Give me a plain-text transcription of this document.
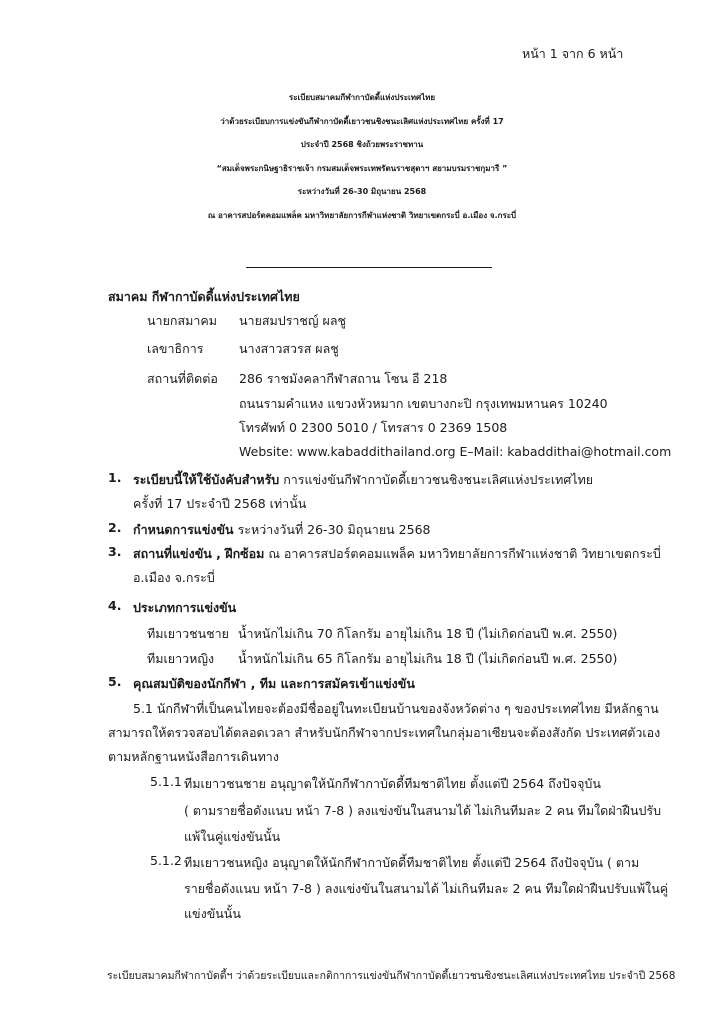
หน้า 1 จาก 6 หน้า
ระเบียบสมาคมกีฬากาบัดดี้แห่งประเทศไทย
ว่าด้วยระเบียบการแข่งขันกีฬากาบัดดี้เยาวชนชิงชนะเลิศแห่งประเทศไทย ครั้งที่ 17
ประจำปี 2568 ชิงถ้วยพระราชทาน
“สมเด็จพระกนิษฐาธิราชเจ้า กรมสมเด็จพระเทพรัตนราชสุดาฯ สยามบรมราชกุมารี ”
ระหว่างวันที่ 26-30 มิถุนายน 2568
ณ อาคารสปอร์ตคอมแพล็ค มหาวิทยาลัยการกีฬาแห่งชาติ วิทยาเขตกระบี่ อ.เมือง จ.กระบี่
สมาคม กีฬากาบัดดี้แห่งประเทศไทย
นายกสมาคม นายสมปราชญ์ ผลชู
เลขาธิการ	นางสาวสวรส ผลชู
สถานที่ติดต่อ 286 ราชมังคลากีฬาสถาน โซน อี 218
ถนนรามคำแหง แขวงหัวหมาก เขตบางกะปิ กรุงเทพมหานคร 10240
โทรศัพท์ 0 2300 5010 / โทรสาร 0 2369 1508
Website: www.kabaddithailand.org E–Mail: kabaddithai@hotmail.com
1. ระเบียบนี้ให้ใช้บังคับสำหรับ การแข่งขันกีฬากาบัดดี้เยาวชนชิงชนะเลิศแห่งประเทศไทย
ครั้งที่ 17 ประจำปี 2568 เท่านั้น
2. กำหนดการแข่งขัน ระหว่างวันที่ 26-30 มิถุนายน 2568
3. สถานที่แข่งขัน , ฝึกซ้อม ณ อาคารสปอร์ตคอมแพล็ค มหาวิทยาลัยการกีฬาแห่งชาติ วิทยาเขตกระบี่
อ.เมือง จ.กระบี่
4. ประเภทการแข่งขัน
ทีมเยาวชนชาย น้ำหนักไม่เกิน 70 กิโลกรัม อายุไม่เกิน 18 ปี (ไม่เกิดก่อนปี พ.ศ. 2550)
ทีมเยาวหญิง น้ำหนักไม่เกิน 65 กิโลกรัม อายุไม่เกิน 18 ปี (ไม่เกิดก่อนปี พ.ศ. 2550)
5. คุณสมบัติของนักกีฬา , ทีม และการสมัครเข้าแข่งขัน
5.1 นักกีฬาที่เป็นคนไทยจะต้องมีชื่ออยู่ในทะเบียนบ้านของจังหวัดต่าง ๆ ของประเทศไทย มีหลักฐาน
สามารถให้ตรวจสอบได้ตลอดเวลา สำหรับนักกีฬาจากประเทศในกลุ่มอาเซียนจะต้องสังกัด ประเทศตัวเอง
ตามหลักฐานหนังสือการเดินทาง
5.1.1 ทีมเยาวชนชาย อนุญาตให้นักกีฬากาบัดดี้ทีมชาติไทย ตั้งแต่ปี 2564 ถึงปัจจุบัน
( ตามรายชื่อดังแนบ หน้า 7-8 ) ลงแข่งขันในสนามได้ ไม่เกินทีมละ 2 คน ทีมใดฝ่าฝืนปรับ
แพ้ในคู่แข่งขันนั้น
5.1.2 ทีมเยาวชนหญิง อนุญาตให้นักกีฬากาบัดดี้ทีมชาติไทย ตั้งแต่ปี 2564 ถึงปัจจุบัน ( ตาม
รายชื่อดังแนบ หน้า 7-8 ) ลงแข่งขันในสนามได้ ไม่เกินทีมละ 2 คน ทีมใดฝ่าฝืนปรับแพ้ในคู่
แข่งขันนั้น
ระเบียบสมาคมกีฬากาบัดดี้ฯ ว่าด้วยระเบียบและกติกาการแข่งขันกีฬากาบัดดี้เยาวชนชิงชนะเลิศแห่งประเทศไทย ประจำปี 2568
